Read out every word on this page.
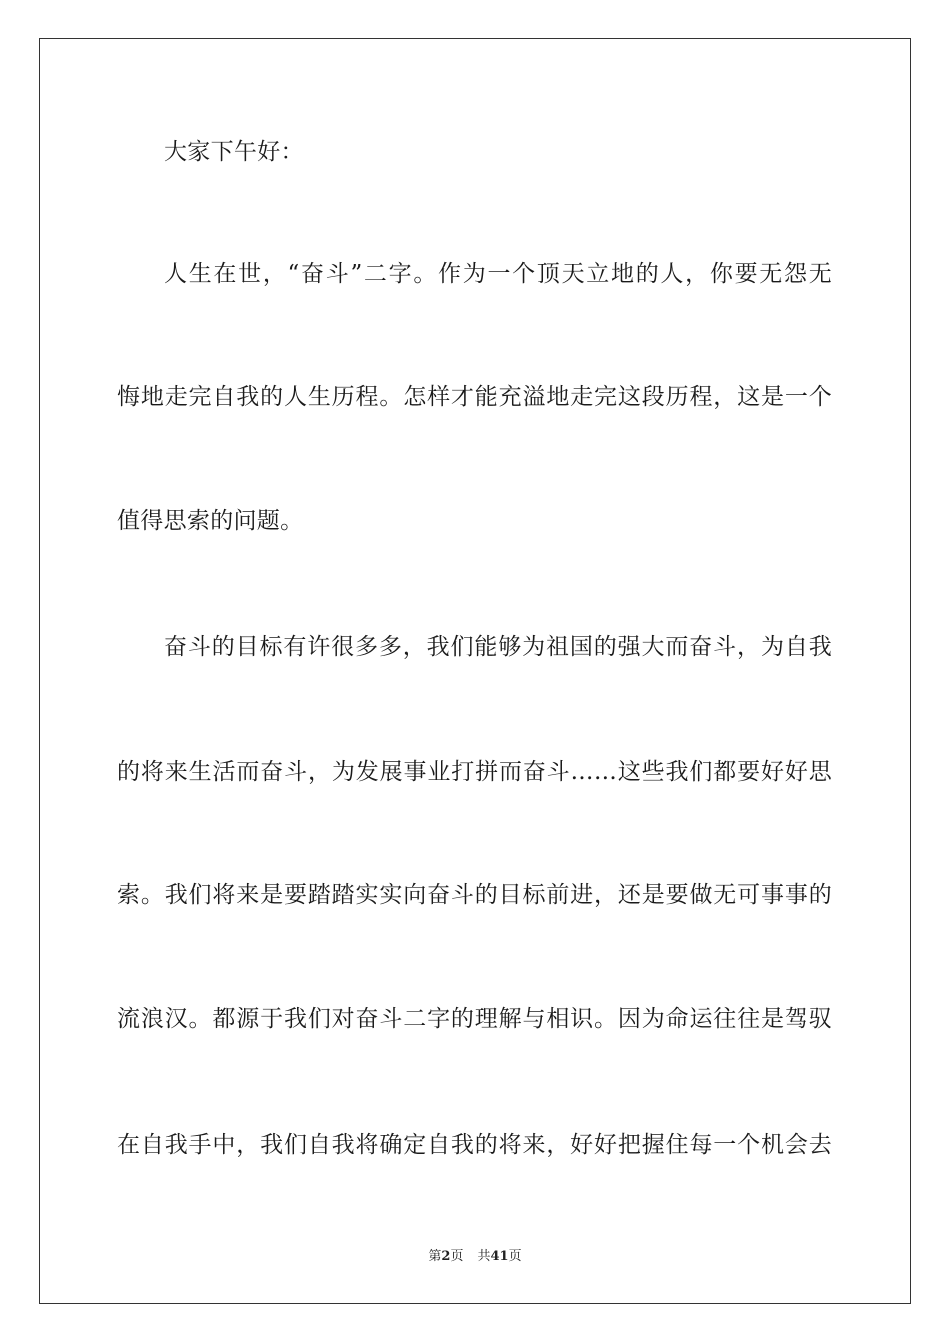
大家下午好：
人生在世，“奋斗”二字。作为一个顶天立地的人，你要无怨无
悔地走完自我的人生历程。怎样才能充溢地走完这段历程，这是一个
值得思索的问题。
奋斗的目标有许很多多，我们能够为祖国的强大而奋斗，为自我
的将来生活而奋斗，为发展事业打拼而奋斗……这些我们都要好好思
索。我们将来是要踏踏实实向奋斗的目标前进，还是要做无可事事的
流浪汉。都源于我们对奋斗二字的理解与相识。因为命运往往是驾驭
在自我手中，我们自我将确定自我的将来，好好把握住每一个机会去
第2页 共41页
